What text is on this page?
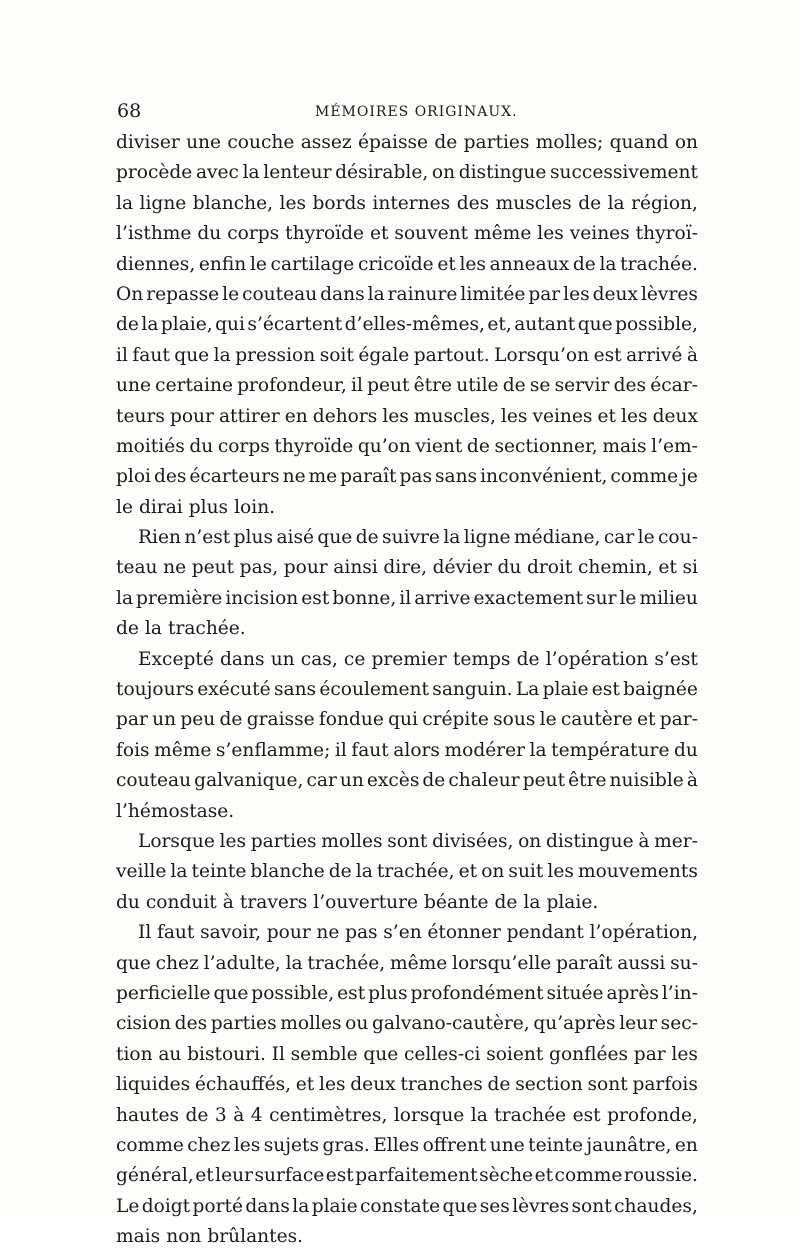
68	MÉMOIRES ORIGINAUX.
diviser une couche assez épaisse de parties molles; quand on
procède avec la lenteur désirable, on distingue successivement
la ligne blanche, les bords internes des muscles de la région,
l’isthme du corps thyroïde et souvent même les veines thyroï-
diennes, enfin le cartilage cricoïde et les anneaux de la trachée.
On repasse le couteau dans la rainure limitée par les deux lèvres
de la plaie, qui s’écartent d’elles-mêmes, et, autant que possible,
il faut que la pression soit égale partout. Lorsqu’on est arrivé à
une certaine profondeur, il peut être utile de se servir des écar-
teurs pour attirer en dehors les muscles, les veines et les deux
moitiés du corps thyroïde qu’on vient de sectionner, mais l’em-
ploi des écarteurs ne me paraît pas sans inconvénient, comme je
le dirai plus loin.
Rien n’est plus aisé que de suivre la ligne médiane, car le cou-
teau ne peut pas, pour ainsi dire, dévier du droit chemin, et si
la première incision est bonne, il arrive exactement sur le milieu
de la trachée.
Excepté dans un cas, ce premier temps de l’opération s’est
toujours exécuté sans écoulement sanguin. La plaie est baignée
par un peu de graisse fondue qui crépite sous le cautère et par-
fois même s’enflamme; il faut alors modérer la température du
couteau galvanique, car un excès de chaleur peut être nuisible à
l’hémostase.
Lorsque les parties molles sont divisées, on distingue à mer-
veille la teinte blanche de la trachée, et on suit les mouvements
du conduit à travers l’ouverture béante de la plaie.
Il faut savoir, pour ne pas s’en étonner pendant l’opération,
que chez l’adulte, la trachée, même lorsqu’elle paraît aussi su-
perficielle que possible, est plus profondément située après l’in-
cision des parties molles ou galvano-cautère, qu’après leur sec-
tion au bistouri. Il semble que celles-ci soient gonflées par les
liquides échauffés, et les deux tranches de section sont parfois
hautes de 3 à 4 centimètres, lorsque la trachée est profonde,
comme chez les sujets gras. Elles offrent une teinte jaunâtre, en
général, et leur surface est parfaitement sèche et comme roussie.
Le doigt porté dans la plaie constate que ses lèvres sont chaudes,
mais non brûlantes.
